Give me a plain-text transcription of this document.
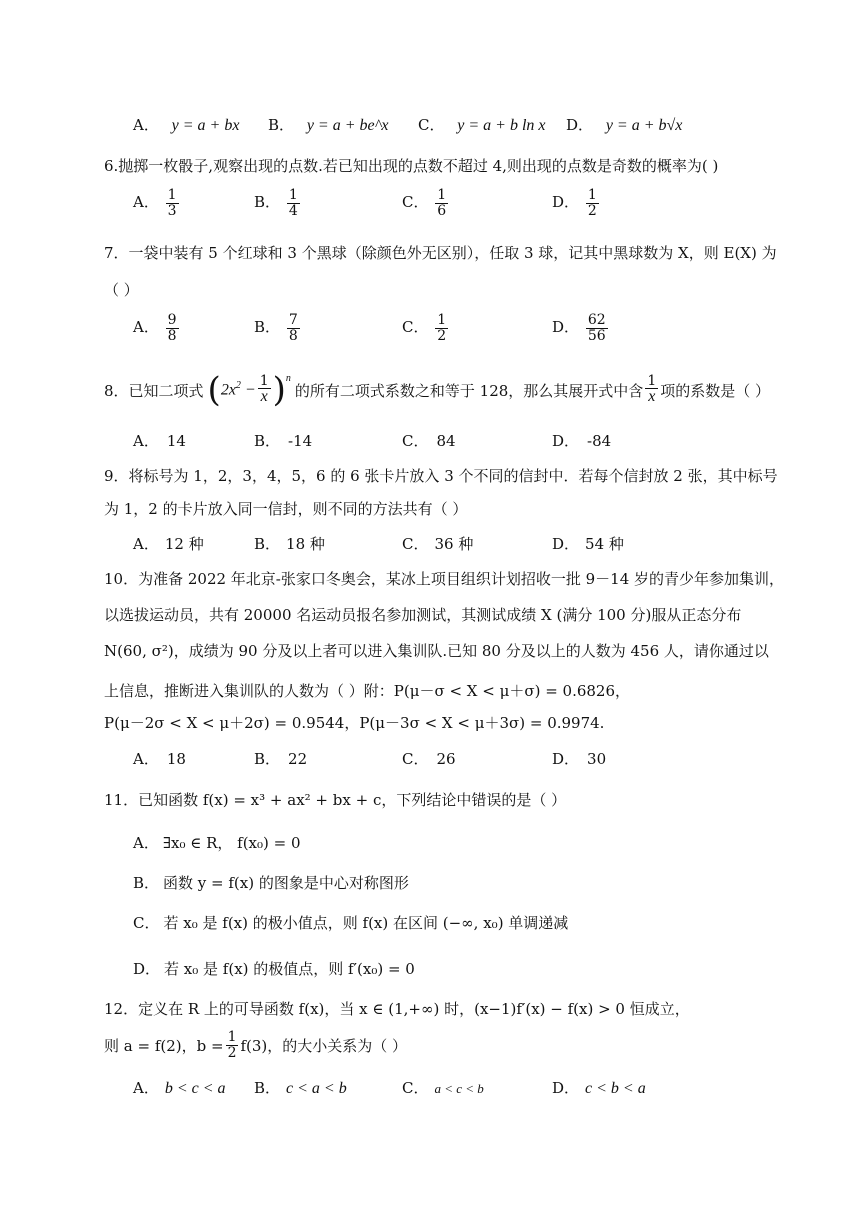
A． y = a + bx B． y = a + be^x C． y = a + b ln x D． y = a + b√x
6.抛掷一枚骰子,观察出现的点数.若已知出现的点数不超过 4,则出现的点数是奇数的概率为( )
A． $\frac{1}{3}$	B． $\frac{1}{4}$	C． $\frac{1}{6}$	D． $\frac{1}{2}$
7．一袋中装有 5 个红球和 3 个黑球（除颜色外无区别），任取 3 球，记其中黑球数为 X，则 E(X) 为
（ ）
A． $\frac{9}{8}$	B． $\frac{7}{8}$	C． $\frac{1}{2}$	D． $\frac{62}{56}$
8．已知二项式 ( $2x^2 - \frac{1}{x} )^n$
的所有二项式系数之和等于 128，那么其展开式中含 $\frac{1}{x}$ 项的系数是（ ）
A． 14	B． -14	C． 84	D． -84
9．将标号为 1，2，3，4，5，6 的 6 张卡片放入 3 个不同的信封中．若每个信封放 2 张，其中标号
为 1，2 的卡片放入同一信封，则不同的方法共有（ ）
A． 12 种	B． 18 种	C． 36 种	D． 54 种
10．为准备 2022 年北京-张家口冬奥会，某冰上项目组织计划招收一批 9－14 岁的青少年参加集训，
以选拔运动员，共有 20000 名运动员报名参加测试，其测试成绩 X (满分 100 分)服从正态分布
N(60, σ²)，成绩为 90 分及以上者可以进入集训队.已知 80 分及以上的人数为 456 人，请你通过以
上信息，推断进入集训队的人数为（ ）附：P(μ－σ < X < μ＋σ) = 0.6826，
P(μ－2σ < X < μ＋2σ) = 0.9544，P(μ－3σ < X < μ＋3σ) = 0.9974.
A． 18	B． 22	C． 26	D． 30
11．已知函数 f(x) = x³ + ax² + bx + c，下列结论中错误的是（ ）
A． ∃x₀ ∈ R， f(x₀) = 0
B． 函数 y = f(x) 的图象是中心对称图形
C． 若 x₀ 是 f(x) 的极小值点，则 f(x) 在区间 (−∞, x₀) 单调递减
D． 若 x₀ 是 f(x) 的极值点，则 f′(x₀) = 0
12．定义在 R 上的可导函数 f(x)，当 x ∈ (1,+∞) 时，(x−1)f′(x) − f(x) > 0 恒成立，
则 a = f(2)，$b = \frac{1}{2} f(3)$，的大小关系为（ ）
A． b < c < a B． c < a < b	C． a < c < b	D． c < b < a
